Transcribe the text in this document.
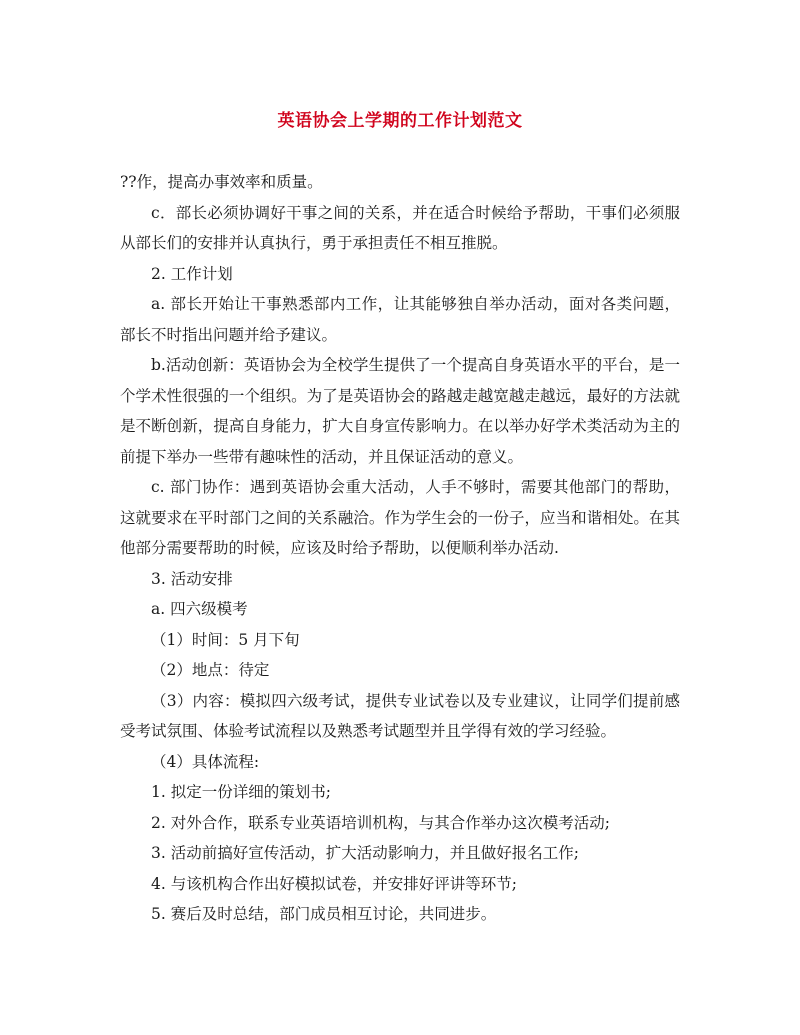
英语协会上学期的工作计划范文

??作，提高办事效率和质量。

c．部长必须协调好干事之间的关系，并在适合时候给予帮助，干事们必须服从部长们的安排并认真执行，勇于承担责任不相互推脱。

2. 工作计划

a. 部长开始让干事熟悉部内工作，让其能够独自举办活动，面对各类问题，部长不时指出问题并给予建议。

b.活动创新：英语协会为全校学生提供了一个提高自身英语水平的平台，是一个学术性很强的一个组织。为了是英语协会的路越走越宽越走越远，最好的方法就是不断创新，提高自身能力，扩大自身宣传影响力。在以举办好学术类活动为主的前提下举办一些带有趣味性的活动，并且保证活动的意义。

c. 部门协作：遇到英语协会重大活动，人手不够时，需要其他部门的帮助，这就要求在平时部门之间的关系融洽。作为学生会的一份子，应当和谐相处。在其他部分需要帮助的时候，应该及时给予帮助，以便顺利举办活动.

3. 活动安排

a. 四六级模考

（1）时间：5 月下旬

（2）地点：待定

（3）内容：模拟四六级考试，提供专业试卷以及专业建议，让同学们提前感受考试氛围、体验考试流程以及熟悉考试题型并且学得有效的学习经验。

（4）具体流程:

1. 拟定一份详细的策划书;

2. 对外合作，联系专业英语培训机构，与其合作举办这次模考活动;

3. 活动前搞好宣传活动，扩大活动影响力，并且做好报名工作;

4. 与该机构合作出好模拟试卷，并安排好评讲等环节;

5. 赛后及时总结，部门成员相互讨论，共同进步。
